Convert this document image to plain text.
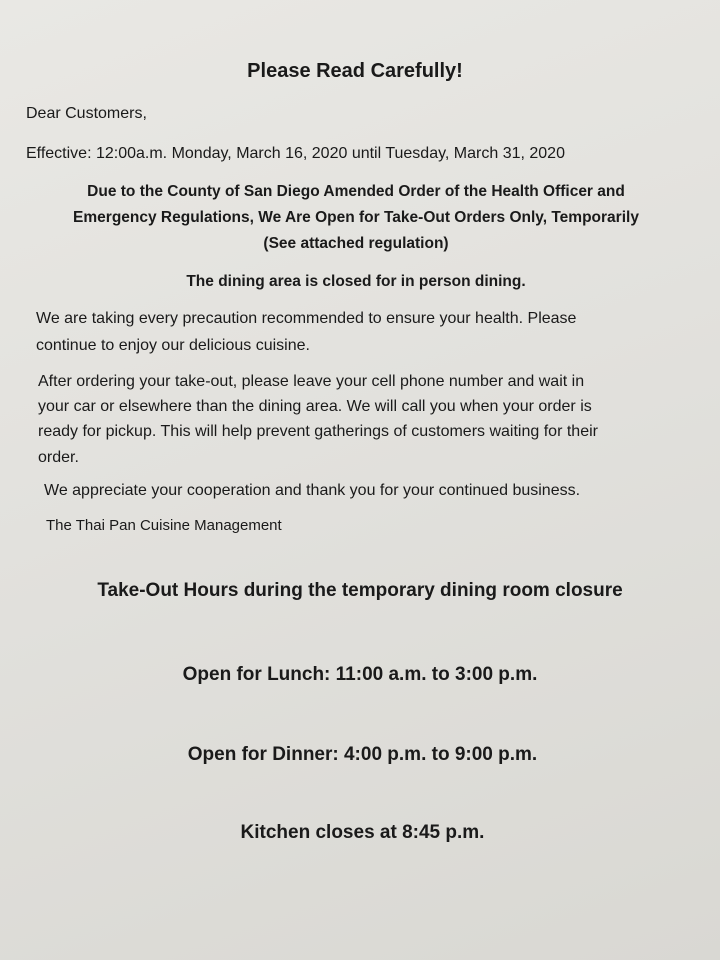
Please Read Carefully!

Dear Customers,

Effective: 12:00a.m. Monday, March 16, 2020 until Tuesday, March 31, 2020

Due to the County of San Diego Amended Order of the Health Officer and

Emergency Regulations, We Are Open for Take-Out Orders Only, Temporarily

(See attached regulation)

The dining area is closed for in person dining.

We are taking every precaution recommended to ensure your health. Please

continue to enjoy our delicious cuisine.

After ordering your take-out, please leave your cell phone number and wait in

your car or elsewhere than the dining area. We will call you when your order is

ready for pickup. This will help prevent gatherings of customers waiting for their

order.

We appreciate your cooperation and thank you for your continued business.

The Thai Pan Cuisine Management

Take-Out Hours during the temporary dining room closure

Open for Lunch: 11:00 a.m. to 3:00 p.m.

Open for Dinner: 4:00 p.m. to 9:00 p.m.

Kitchen closes at 8:45 p.m.
